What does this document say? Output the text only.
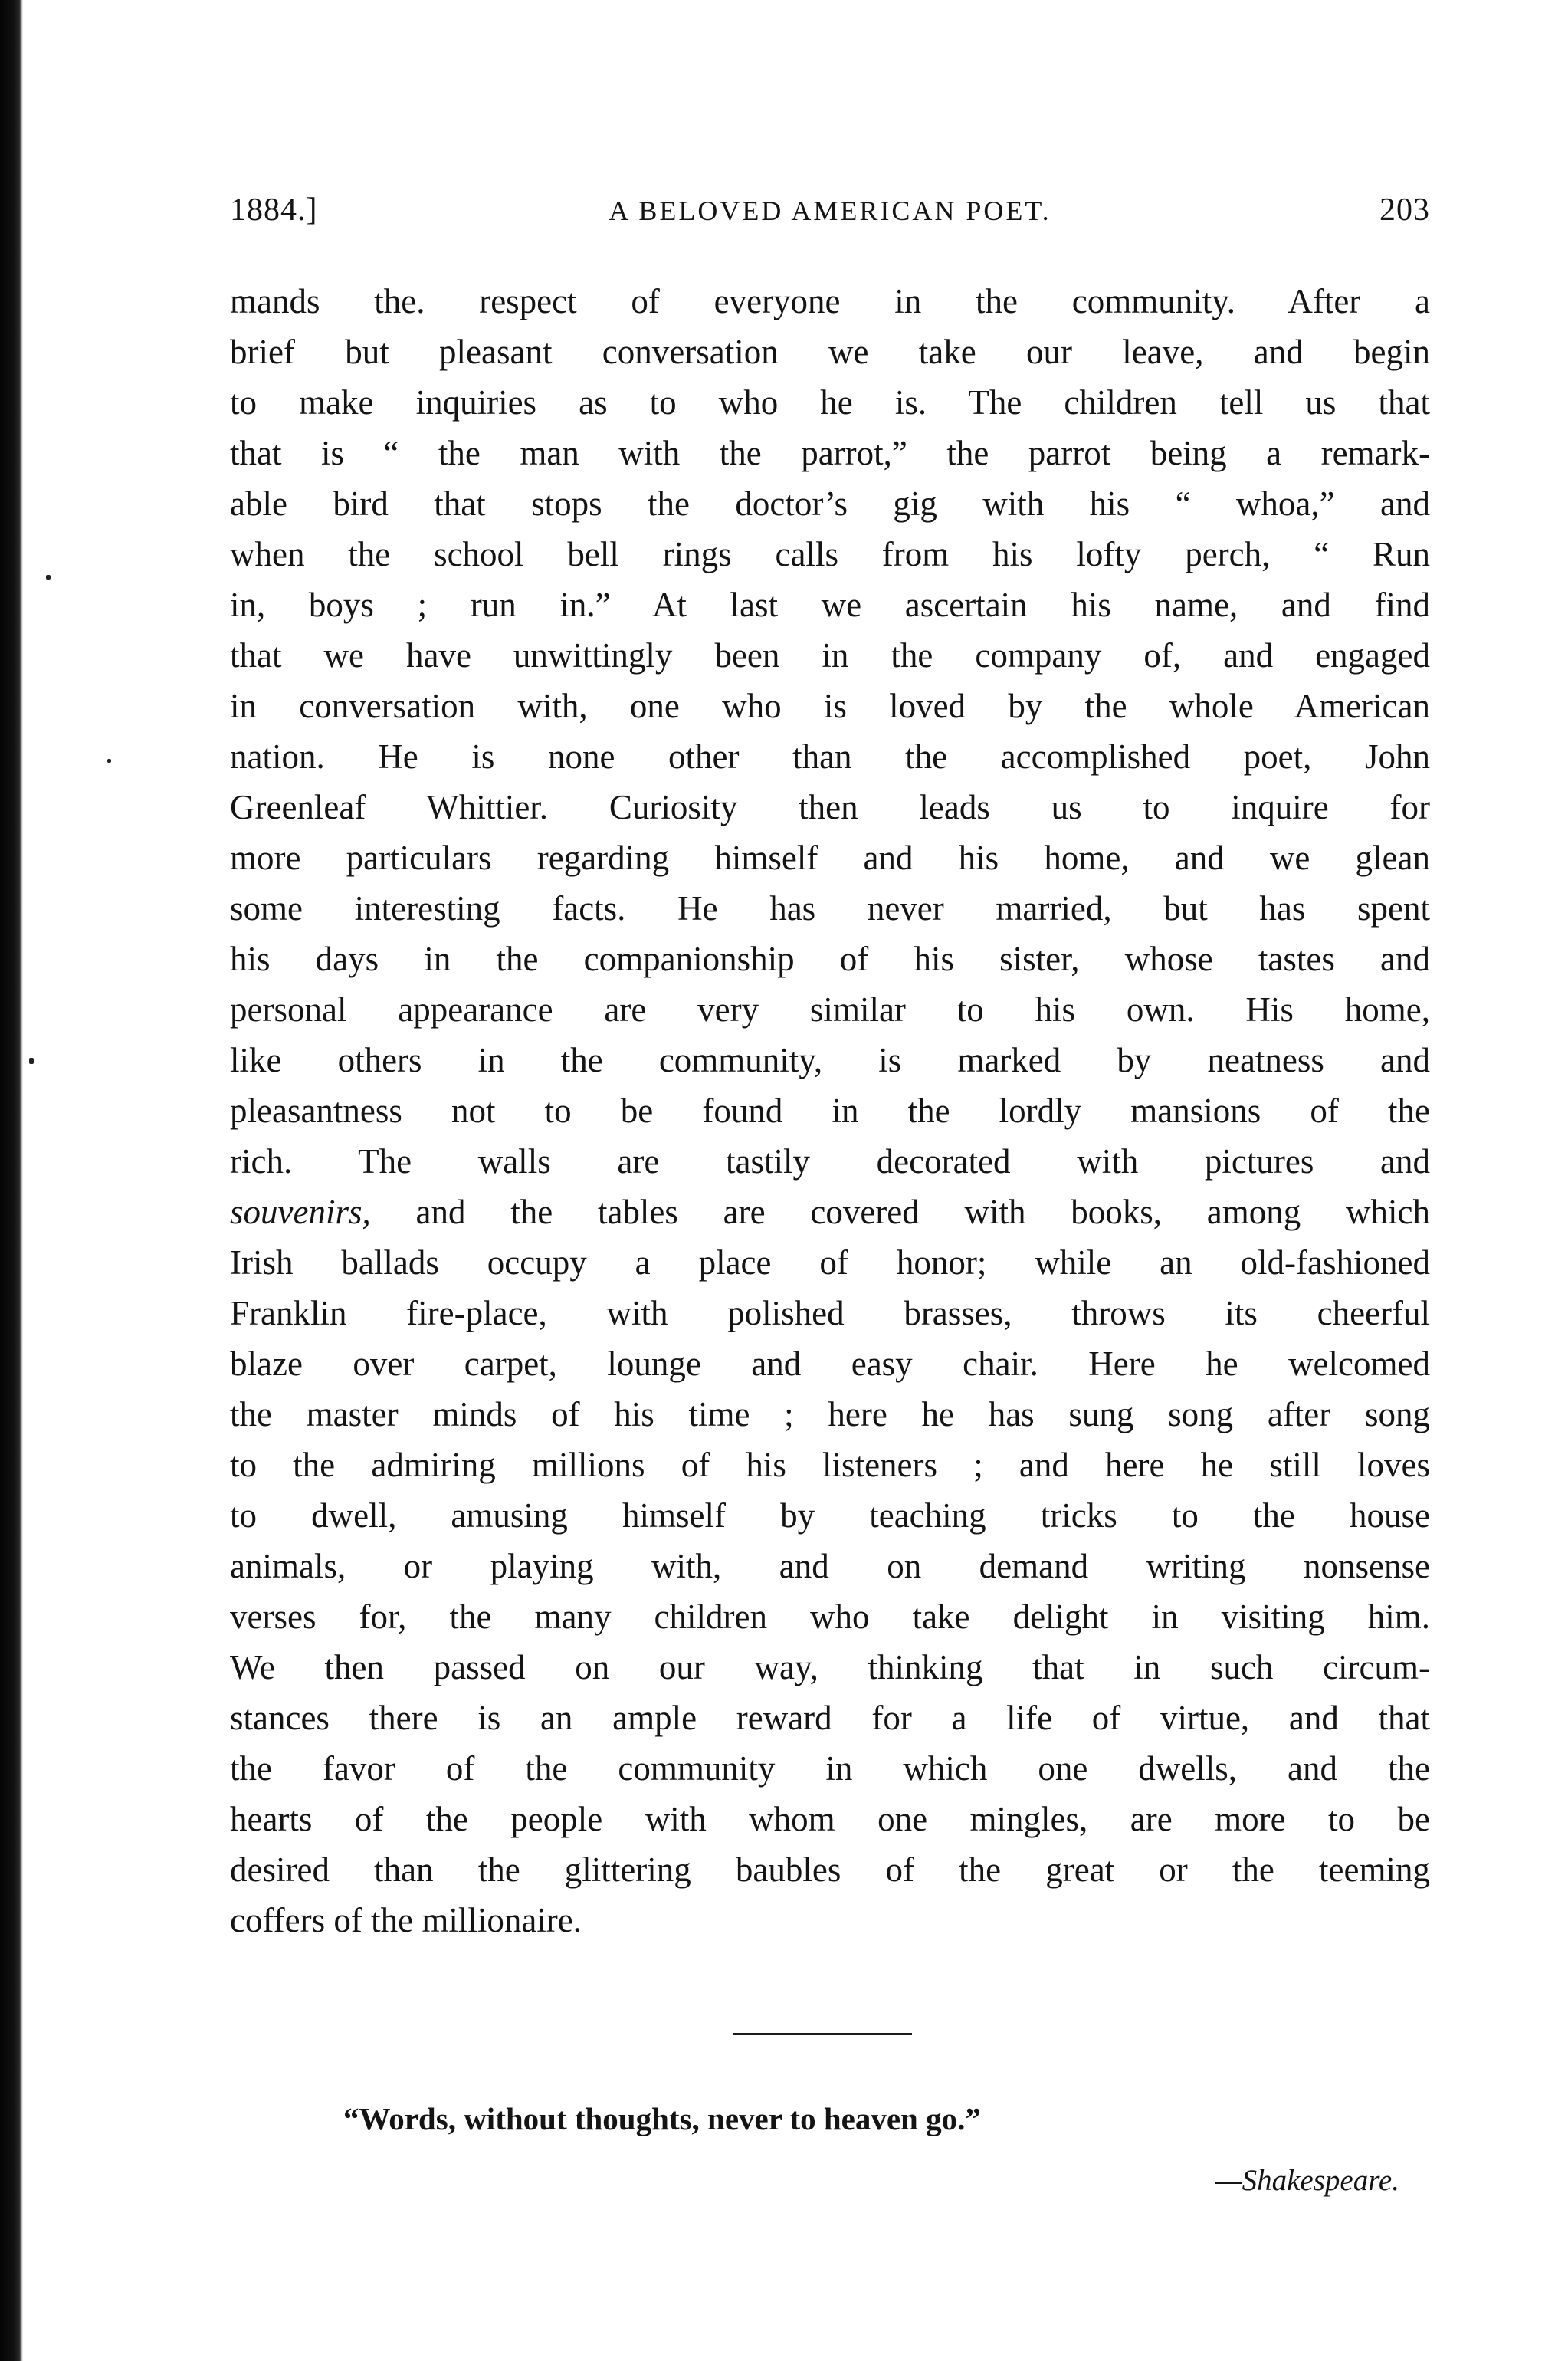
1884.]	A BELOVED AMERICAN POET.	203
mands the. respect of everyone in the community. After a
brief but pleasant conversation we take our leave, and begin
to make inquiries as to who he is. The children tell us that
that is “ the man with the parrot,” the parrot being a remark-
able bird that stops the doctor’s gig with his “ whoa,” and
when the school bell rings calls from his lofty perch, “ Run
in, boys ; run in.” At last we ascertain his name, and find
that we have unwittingly been in the company of, and engaged
in conversation with, one who is loved by the whole American
nation. He is none other than the accomplished poet, John
Greenleaf Whittier. Curiosity then leads us to inquire for
more particulars regarding himself and his home, and we glean
some interesting facts. He has never married, but has spent
his days in the companionship of his sister, whose tastes and
personal appearance are very similar to his own. His home,
like others in the community, is marked by neatness and
pleasantness not to be found in the lordly mansions of the
rich. The walls are tastily decorated with pictures and
souvenirs, and the tables are covered with books, among which
Irish ballads occupy a place of honor; while an old-fashioned
Franklin fire-place, with polished brasses, throws its cheerful
blaze over carpet, lounge and easy chair. Here he welcomed
the master minds of his time ; here he has sung song after song
to the admiring millions of his listeners ; and here he still loves
to dwell, amusing himself by teaching tricks to the house
animals, or playing with, and on demand writing nonsense
verses for, the many children who take delight in visiting him.
We then passed on our way, thinking that in such circum-
stances there is an ample reward for a life of virtue, and that
the favor of the community in which one dwells, and the
hearts of the people with whom one mingles, are more to be
desired than the glittering baubles of the great or the teeming
coffers of the millionaire.
“Words, without thoughts, never to heaven go.”
—Shakespeare.
